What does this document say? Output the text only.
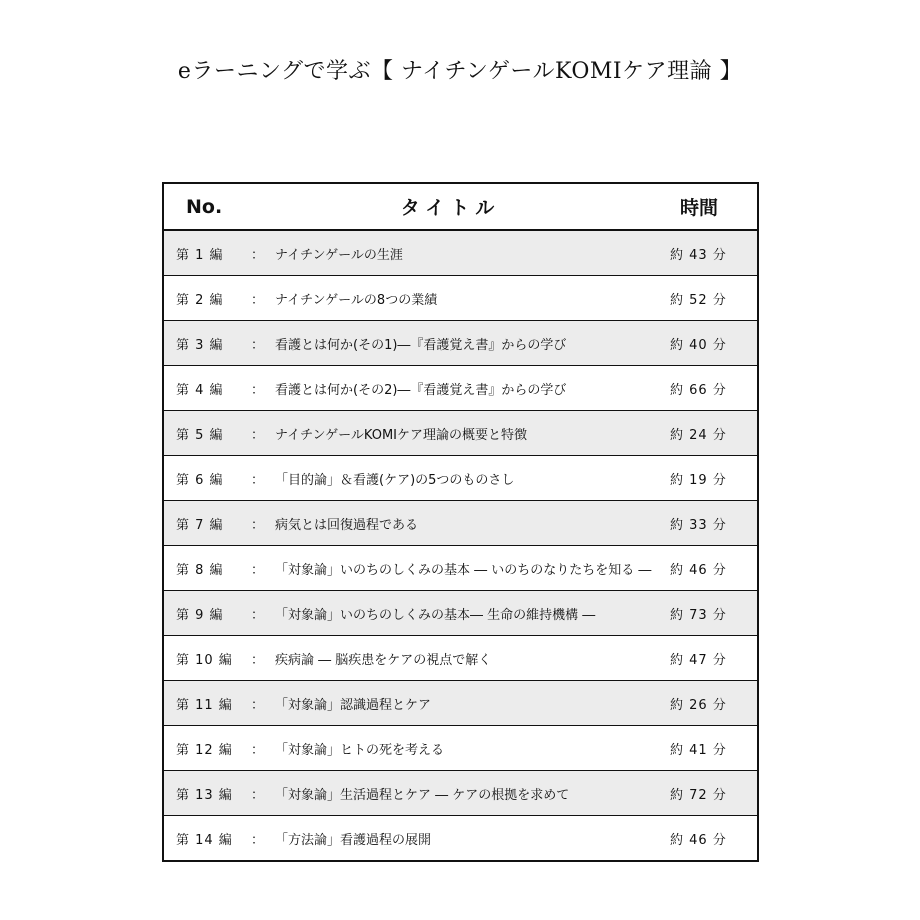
eラーニングで学ぶ【 ナイチンゲールKOMIケア理論 】
No.	タイトル		時間
第 1 編	：	ナイチンゲールの生涯	約 43 分
第 2 編	：	ナイチンゲールの8つの業績	約 52 分
第 3 編	：	看護とは何か(その1)―『看護覚え書』からの学び	約 40 分
第 4 編	：	看護とは何か(その2)―『看護覚え書』からの学び	約 66 分
第 5 編	：	ナイチンゲールKOMIケア理論の概要と特徴	約 24 分
第 6 編	：	「目的論」＆看護(ケア)の5つのものさし	約 19 分
第 7 編	：	病気とは回復過程である	約 33 分
第 8 編	：	「対象論」いのちのしくみの基本 ― いのちのなりたちを知る ―	約 46 分
第 9 編	：	「対象論」いのちのしくみの基本― 生命の維持機構 ―	約 73 分
第 10 編	：	疾病論 ― 脳疾患をケアの視点で解く	約 47 分
第 11 編	：	「対象論」認識過程とケア	約 26 分
第 12 編	：	「対象論」ヒトの死を考える	約 41 分
第 13 編	：	「対象論」生活過程とケア ― ケアの根拠を求めて	約 72 分
第 14 編	：	「方法論」看護過程の展開	約 46 分
